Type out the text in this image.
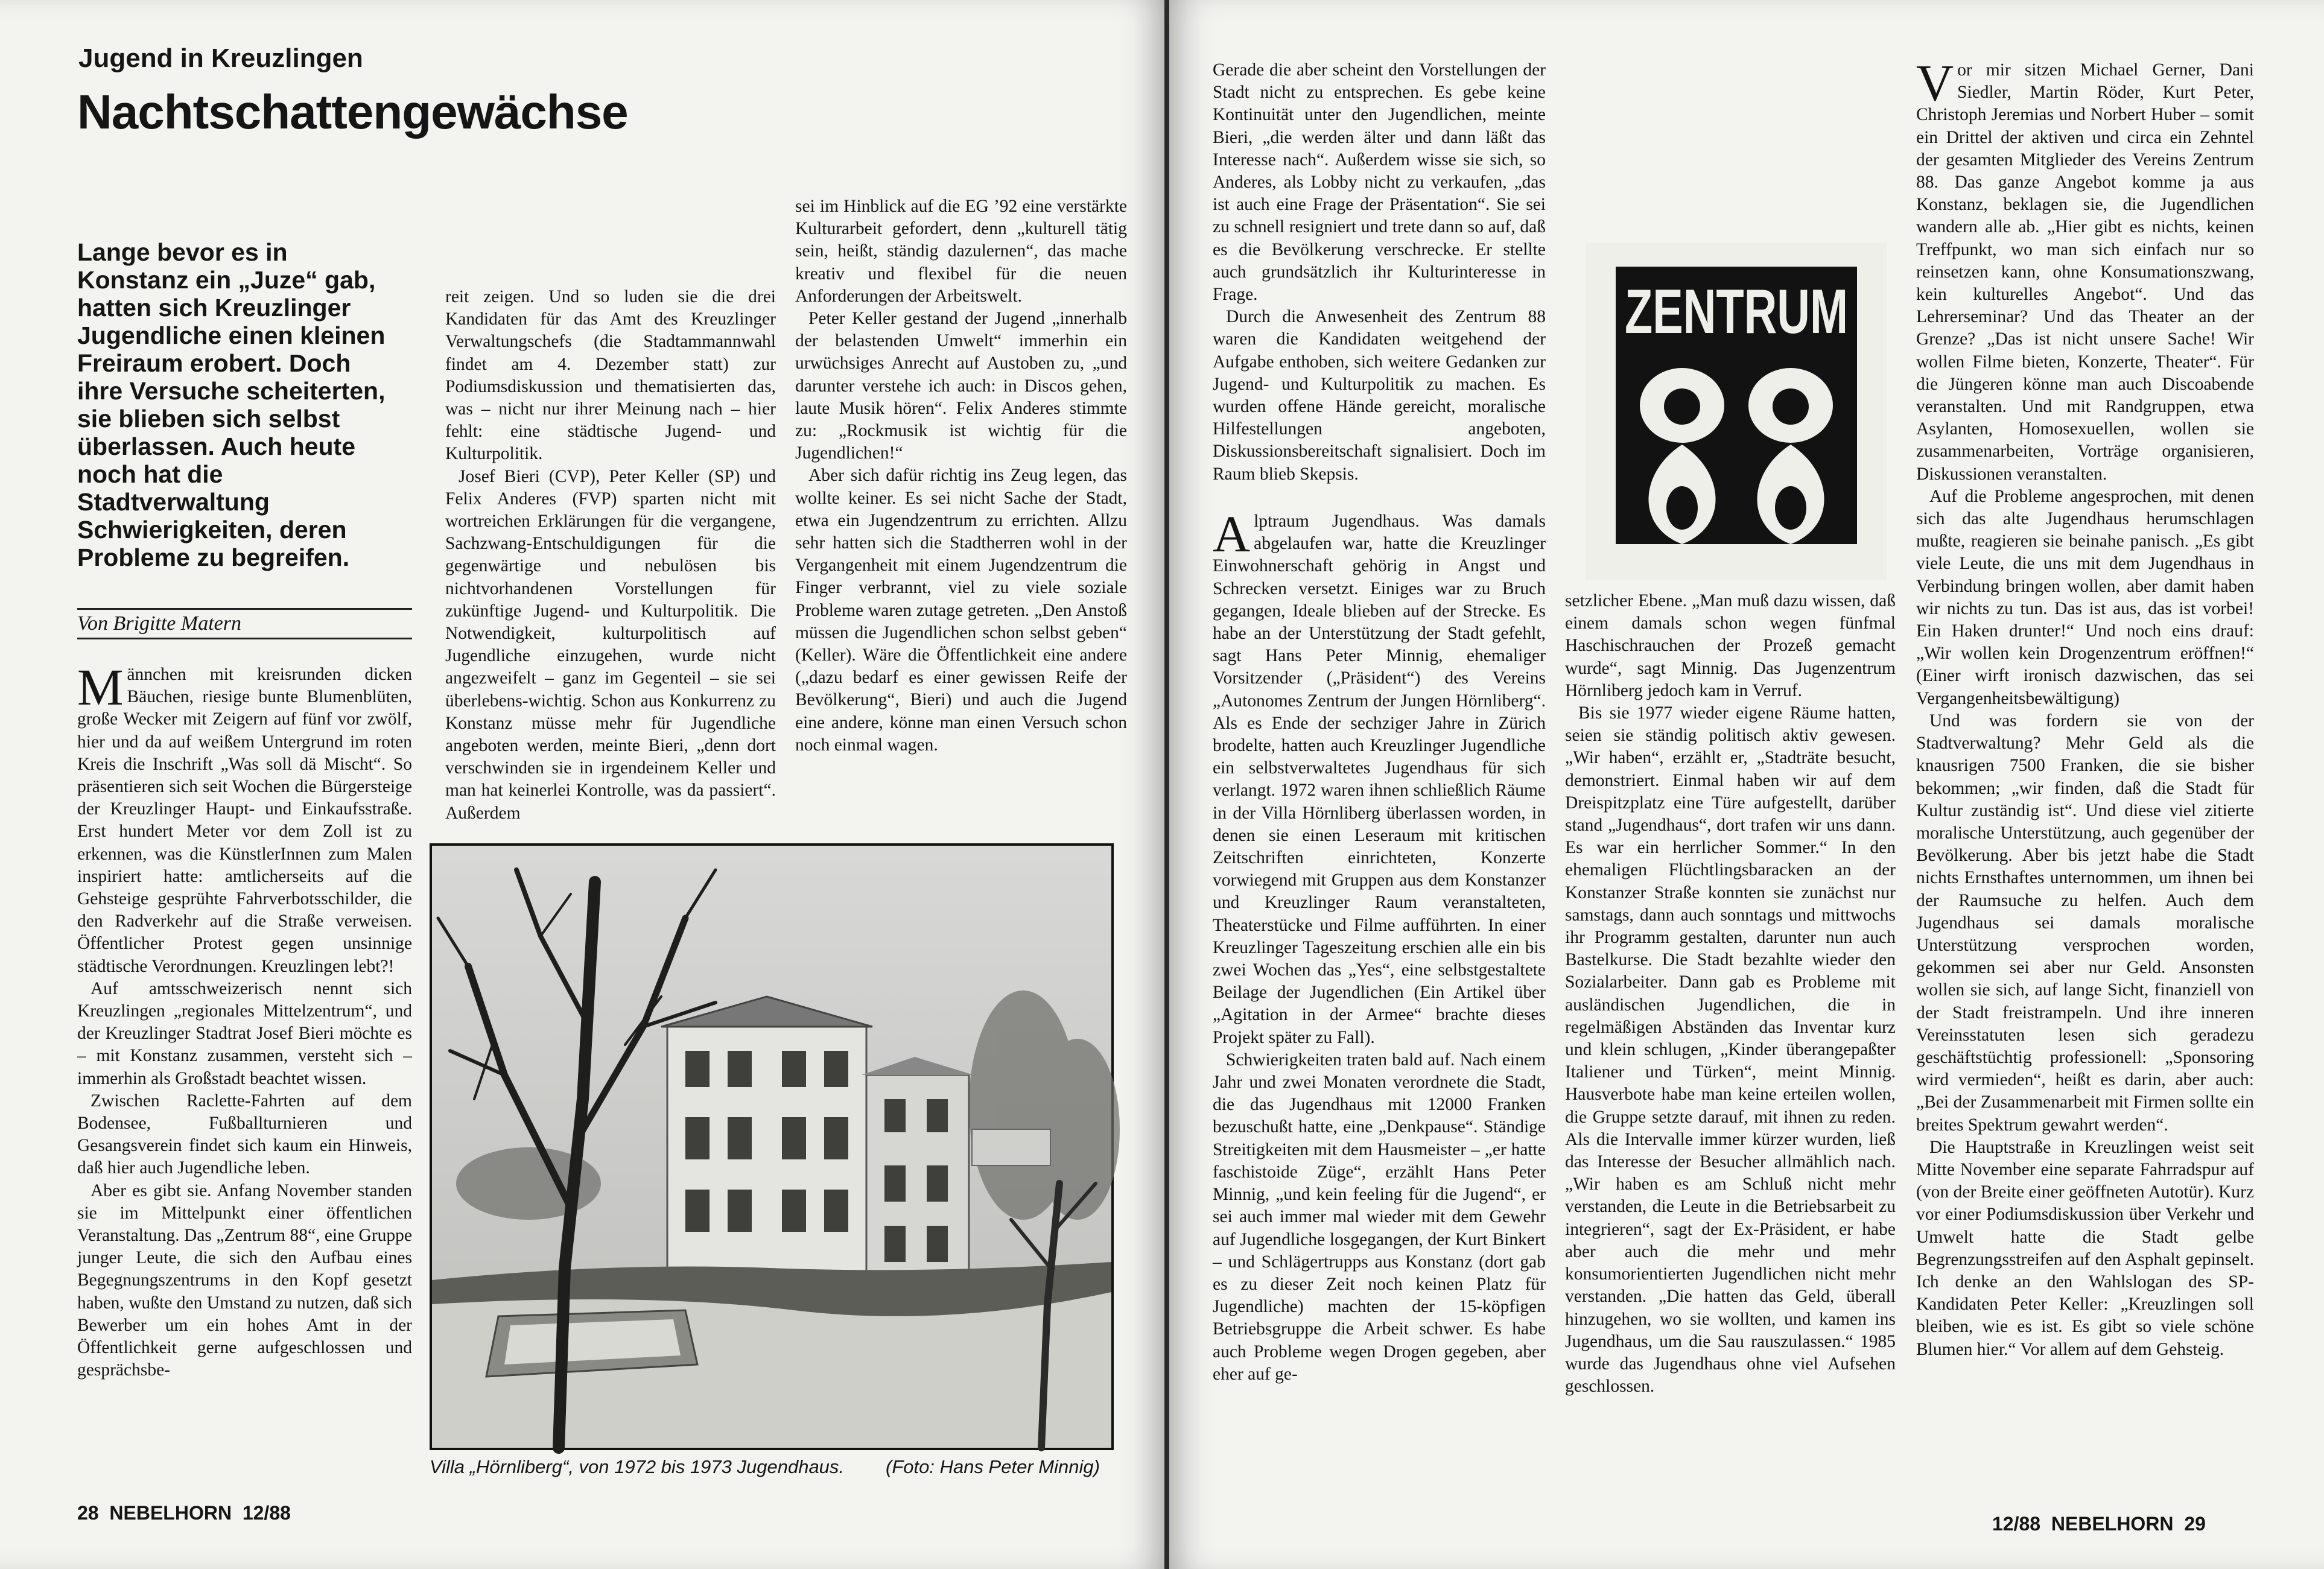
Jugend in Kreuzlingen
Nachtschattengewächse
Lange bevor es in Konstanz ein „Juze“ gab, hatten sich Kreuzlinger Jugendliche einen kleinen Freiraum erobert. Doch ihre Versuche scheiterten, sie blieben sich selbst überlassen. Auch heute noch hat die Stadtverwaltung Schwierigkeiten, deren Probleme zu begreifen.
Von Brigitte Matern

Männchen mit kreisrunden dicken Bäuchen, riesige bunte Blumenblüten, große Wecker mit Zeigern auf fünf vor zwölf, hier und da auf weißem Untergrund im roten Kreis die Inschrift „Was soll dä Mischt“. So präsentieren sich seit Wochen die Bürgersteige der Kreuzlinger Haupt- und Einkaufsstraße. Erst hundert Meter vor dem Zoll ist zu erkennen, was die KünstlerInnen zum Malen inspiriert hatte: amtlicherseits auf die Gehsteige gesprühte Fahrverbotsschilder, die den Radverkehr auf die Straße verweisen. Öffentlicher Protest gegen unsinnige städtische Verordnungen. Kreuzlingen lebt?!

Auf amtsschweizerisch nennt sich Kreuzlingen „regionales Mittelzentrum“, und der Kreuzlinger Stadtrat Josef Bieri möchte es – mit Konstanz zusammen, versteht sich – immerhin als Großstadt beachtet wissen.

Zwischen Raclette-Fahrten auf dem Bodensee, Fußballturnieren und Gesangsverein findet sich kaum ein Hinweis, daß hier auch Jugendliche leben.

Aber es gibt sie. Anfang November standen sie im Mittelpunkt einer öffentlichen Veranstaltung. Das „Zentrum 88“, eine Gruppe junger Leute, die sich den Aufbau eines Begegnungszentrums in den Kopf gesetzt haben, wußte den Umstand zu nutzen, daß sich Bewerber um ein hohes Amt in der Öffentlichkeit gerne aufgeschlossen und gesprächsbe-

reit zeigen. Und so luden sie die drei Kandidaten für das Amt des Kreuzlinger Verwaltungschefs (die Stadtammannwahl findet am 4. Dezember statt) zur Podiumsdiskussion und thematisierten das, was – nicht nur ihrer Meinung nach – hier fehlt: eine städtische Jugend- und Kulturpolitik.

Josef Bieri (CVP), Peter Keller (SP) und Felix Anderes (FVP) sparten nicht mit wortreichen Erklärungen für die vergangene, Sachzwang-Entschuldigungen für die gegenwärtige und nebulösen bis nichtvorhandenen Vorstellungen für zukünftige Jugend- und Kulturpolitik. Die Notwendigkeit, kulturpolitisch auf Jugendliche einzugehen, wurde nicht angezweifelt – ganz im Gegenteil – sie sei überlebens-wichtig. Schon aus Konkurrenz zu Konstanz müsse mehr für Jugendliche angeboten werden, meinte Bieri, „denn dort verschwinden sie in irgendeinem Keller und man hat keinerlei Kontrolle, was da passiert“. Außerdem

sei im Hinblick auf die EG ’92 eine verstärkte Kulturarbeit gefordert, denn „kulturell tätig sein, heißt, ständig dazulernen“, das mache kreativ und flexibel für die neuen Anforderungen der Arbeitswelt.

Peter Keller gestand der Jugend „innerhalb der belastenden Umwelt“ immerhin ein urwüchsiges Anrecht auf Austoben zu, „und darunter verstehe ich auch: in Discos gehen, laute Musik hören“. Felix Anderes stimmte zu: „Rockmusik ist wichtig für die Jugendlichen!“

Aber sich dafür richtig ins Zeug legen, das wollte keiner. Es sei nicht Sache der Stadt, etwa ein Jugendzentrum zu errichten. Allzu sehr hatten sich die Stadtherren wohl in der Vergangenheit mit einem Jugendzentrum die Finger verbrannt, viel zu viele soziale Probleme waren zutage getreten. „Den Anstoß müssen die Jugendlichen schon selbst geben“ (Keller). Wäre die Öffentlichkeit eine andere („dazu bedarf es einer gewissen Reife der Bevölkerung“, Bieri) und auch die Jugend eine andere, könne man einen Versuch schon noch einmal wagen.

Villa „Hörnliberg“, von 1972 bis 1973 Jugendhaus. (Foto: Hans Peter Minnig)
28  NEBELHORN  12/88

Gerade die aber scheint den Vorstellungen der Stadt nicht zu entsprechen. Es gebe keine Kontinuität unter den Jugendlichen, meinte Bieri, „die werden älter und dann läßt das Interesse nach“. Außerdem wisse sie sich, so Anderes, als Lobby nicht zu verkaufen, „das ist auch eine Frage der Präsentation“. Sie sei zu schnell resigniert und trete dann so auf, daß es die Bevölkerung verschrecke. Er stellte auch grundsätzlich ihr Kulturinteresse in Frage.

Durch die Anwesenheit des Zentrum 88 waren die Kandidaten weitgehend der Aufgabe enthoben, sich weitere Gedanken zur Jugend- und Kulturpolitik zu machen. Es wurden offene Hände gereicht, moralische Hilfestellungen angeboten, Diskussionsbereitschaft signalisiert. Doch im Raum blieb Skepsis.

Alptraum Jugendhaus. Was damals abgelaufen war, hatte die Kreuzlinger Einwohnerschaft gehörig in Angst und Schrecken versetzt. Einiges war zu Bruch gegangen, Ideale blieben auf der Strecke. Es habe an der Unterstützung der Stadt gefehlt, sagt Hans Peter Minnig, ehemaliger Vorsitzender („Präsident“) des Vereins „Autonomes Zentrum der Jungen Hörnliberg“. Als es Ende der sechziger Jahre in Zürich brodelte, hatten auch Kreuzlinger Jugendliche ein selbstverwaltetes Jugendhaus für sich verlangt. 1972 waren ihnen schließlich Räume in der Villa Hörnliberg überlassen worden, in denen sie einen Leseraum mit kritischen Zeitschriften einrichteten, Konzerte vorwiegend mit Gruppen aus dem Konstanzer und Kreuzlinger Raum veranstalteten, Theaterstücke und Filme aufführten. In einer Kreuzlinger Tageszeitung erschien alle ein bis zwei Wochen das „Yes“, eine selbstgestaltete Beilage der Jugendlichen (Ein Artikel über „Agitation in der Armee“ brachte dieses Projekt später zu Fall).

Schwierigkeiten traten bald auf. Nach einem Jahr und zwei Monaten verordnete die Stadt, die das Jugendhaus mit 12000 Franken bezuschußt hatte, eine „Denkpause“. Ständige Streitigkeiten mit dem Hausmeister – „er hatte faschistoide Züge“, erzählt Hans Peter Minnig, „und kein feeling für die Jugend“, er sei auch immer mal wieder mit dem Gewehr auf Jugendliche losgegangen, der Kurt Binkert – und Schlägertrupps aus Konstanz (dort gab es zu dieser Zeit noch keinen Platz für Jugendliche) machten der 15-köpfigen Betriebsgruppe die Arbeit schwer. Es habe auch Probleme wegen Drogen gegeben, aber eher auf ge-

setzlicher Ebene. „Man muß dazu wissen, daß einem damals schon wegen fünfmal Haschischrauchen der Prozeß gemacht wurde“, sagt Minnig. Das Jugenzentrum Hörnliberg jedoch kam in Verruf.

Bis sie 1977 wieder eigene Räume hatten, seien sie ständig politisch aktiv gewesen. „Wir haben“, erzählt er, „Stadträte besucht, demonstriert. Einmal haben wir auf dem Dreispitzplatz eine Türe aufgestellt, darüber stand „Jugendhaus“, dort trafen wir uns dann. Es war ein herrlicher Sommer.“ In den ehemaligen Flüchtlingsbaracken an der Konstanzer Straße konnten sie zunächst nur samstags, dann auch sonntags und mittwochs ihr Programm gestalten, darunter nun auch Bastelkurse. Die Stadt bezahlte wieder den Sozialarbeiter. Dann gab es Probleme mit ausländischen Jugendlichen, die in regelmäßigen Abständen das Inventar kurz und klein schlugen, „Kinder überangepaßter Italiener und Türken“, meint Minnig. Hausverbote habe man keine erteilen wollen, die Gruppe setzte darauf, mit ihnen zu reden. Als die Intervalle immer kürzer wurden, ließ das Interesse der Besucher allmählich nach. „Wir haben es am Schluß nicht mehr verstanden, die Leute in die Betriebsarbeit zu integrieren“, sagt der Ex-Präsident, er habe aber auch die mehr und mehr konsumorientierten Jugendlichen nicht mehr verstanden. „Die hatten das Geld, überall hinzugehen, wo sie wollten, und kamen ins Jugendhaus, um die Sau rauszulassen.“ 1985 wurde das Jugendhaus ohne viel Aufsehen geschlossen.

ZENTRUM

Vor mir sitzen Michael Gerner, Dani Siedler, Martin Röder, Kurt Peter, Christoph Jeremias und Norbert Huber – somit ein Drittel der aktiven und circa ein Zehntel der gesamten Mitglieder des Vereins Zentrum 88. Das ganze Angebot komme ja aus Konstanz, beklagen sie, die Jugendlichen wandern alle ab. „Hier gibt es nichts, keinen Treffpunkt, wo man sich einfach nur so reinsetzen kann, ohne Konsumationszwang, kein kulturelles Angebot“. Und das Lehrerseminar? Und das Theater an der Grenze? „Das ist nicht unsere Sache! Wir wollen Filme bieten, Konzerte, Theater“. Für die Jüngeren könne man auch Discoabende veranstalten. Und mit Randgruppen, etwa Asylanten, Homosexuellen, wollen sie zusammenarbeiten, Vorträge organisieren, Diskussionen veranstalten.

Auf die Probleme angesprochen, mit denen sich das alte Jugendhaus herumschlagen mußte, reagieren sie beinahe panisch. „Es gibt viele Leute, die uns mit dem Jugendhaus in Verbindung bringen wollen, aber damit haben wir nichts zu tun. Das ist aus, das ist vorbei! Ein Haken drunter!“ Und noch eins drauf: „Wir wollen kein Drogenzentrum eröffnen!“ (Einer wirft ironisch dazwischen, das sei Vergangenheitsbewältigung)

Und was fordern sie von der Stadtverwaltung? Mehr Geld als die knausrigen 7500 Franken, die sie bisher bekommen; „wir finden, daß die Stadt für Kultur zuständig ist“. Und diese viel zitierte moralische Unterstützung, auch gegenüber der Bevölkerung. Aber bis jetzt habe die Stadt nichts Ernsthaftes unternommen, um ihnen bei der Raumsuche zu helfen. Auch dem Jugendhaus sei damals moralische Unterstützung versprochen worden, gekommen sei aber nur Geld. Ansonsten wollen sie sich, auf lange Sicht, finanziell von der Stadt freistrampeln. Und ihre inneren Vereinsstatuten lesen sich geradezu geschäftstüchtig professionell: „Sponsoring wird vermieden“, heißt es darin, aber auch: „Bei der Zusammenarbeit mit Firmen sollte ein breites Spektrum gewahrt werden“.

Die Hauptstraße in Kreuzlingen weist seit Mitte November eine separate Fahrradspur auf (von der Breite einer geöffneten Autotür). Kurz vor einer Podiumsdiskussion über Verkehr und Umwelt hatte die Stadt gelbe Begrenzungsstreifen auf den Asphalt gepinselt. Ich denke an den Wahlslogan des SP-Kandidaten Peter Keller: „Kreuzlingen soll bleiben, wie es ist. Es gibt so viele schöne Blumen hier.“ Vor allem auf dem Gehsteig.

12/88  NEBELHORN  29
